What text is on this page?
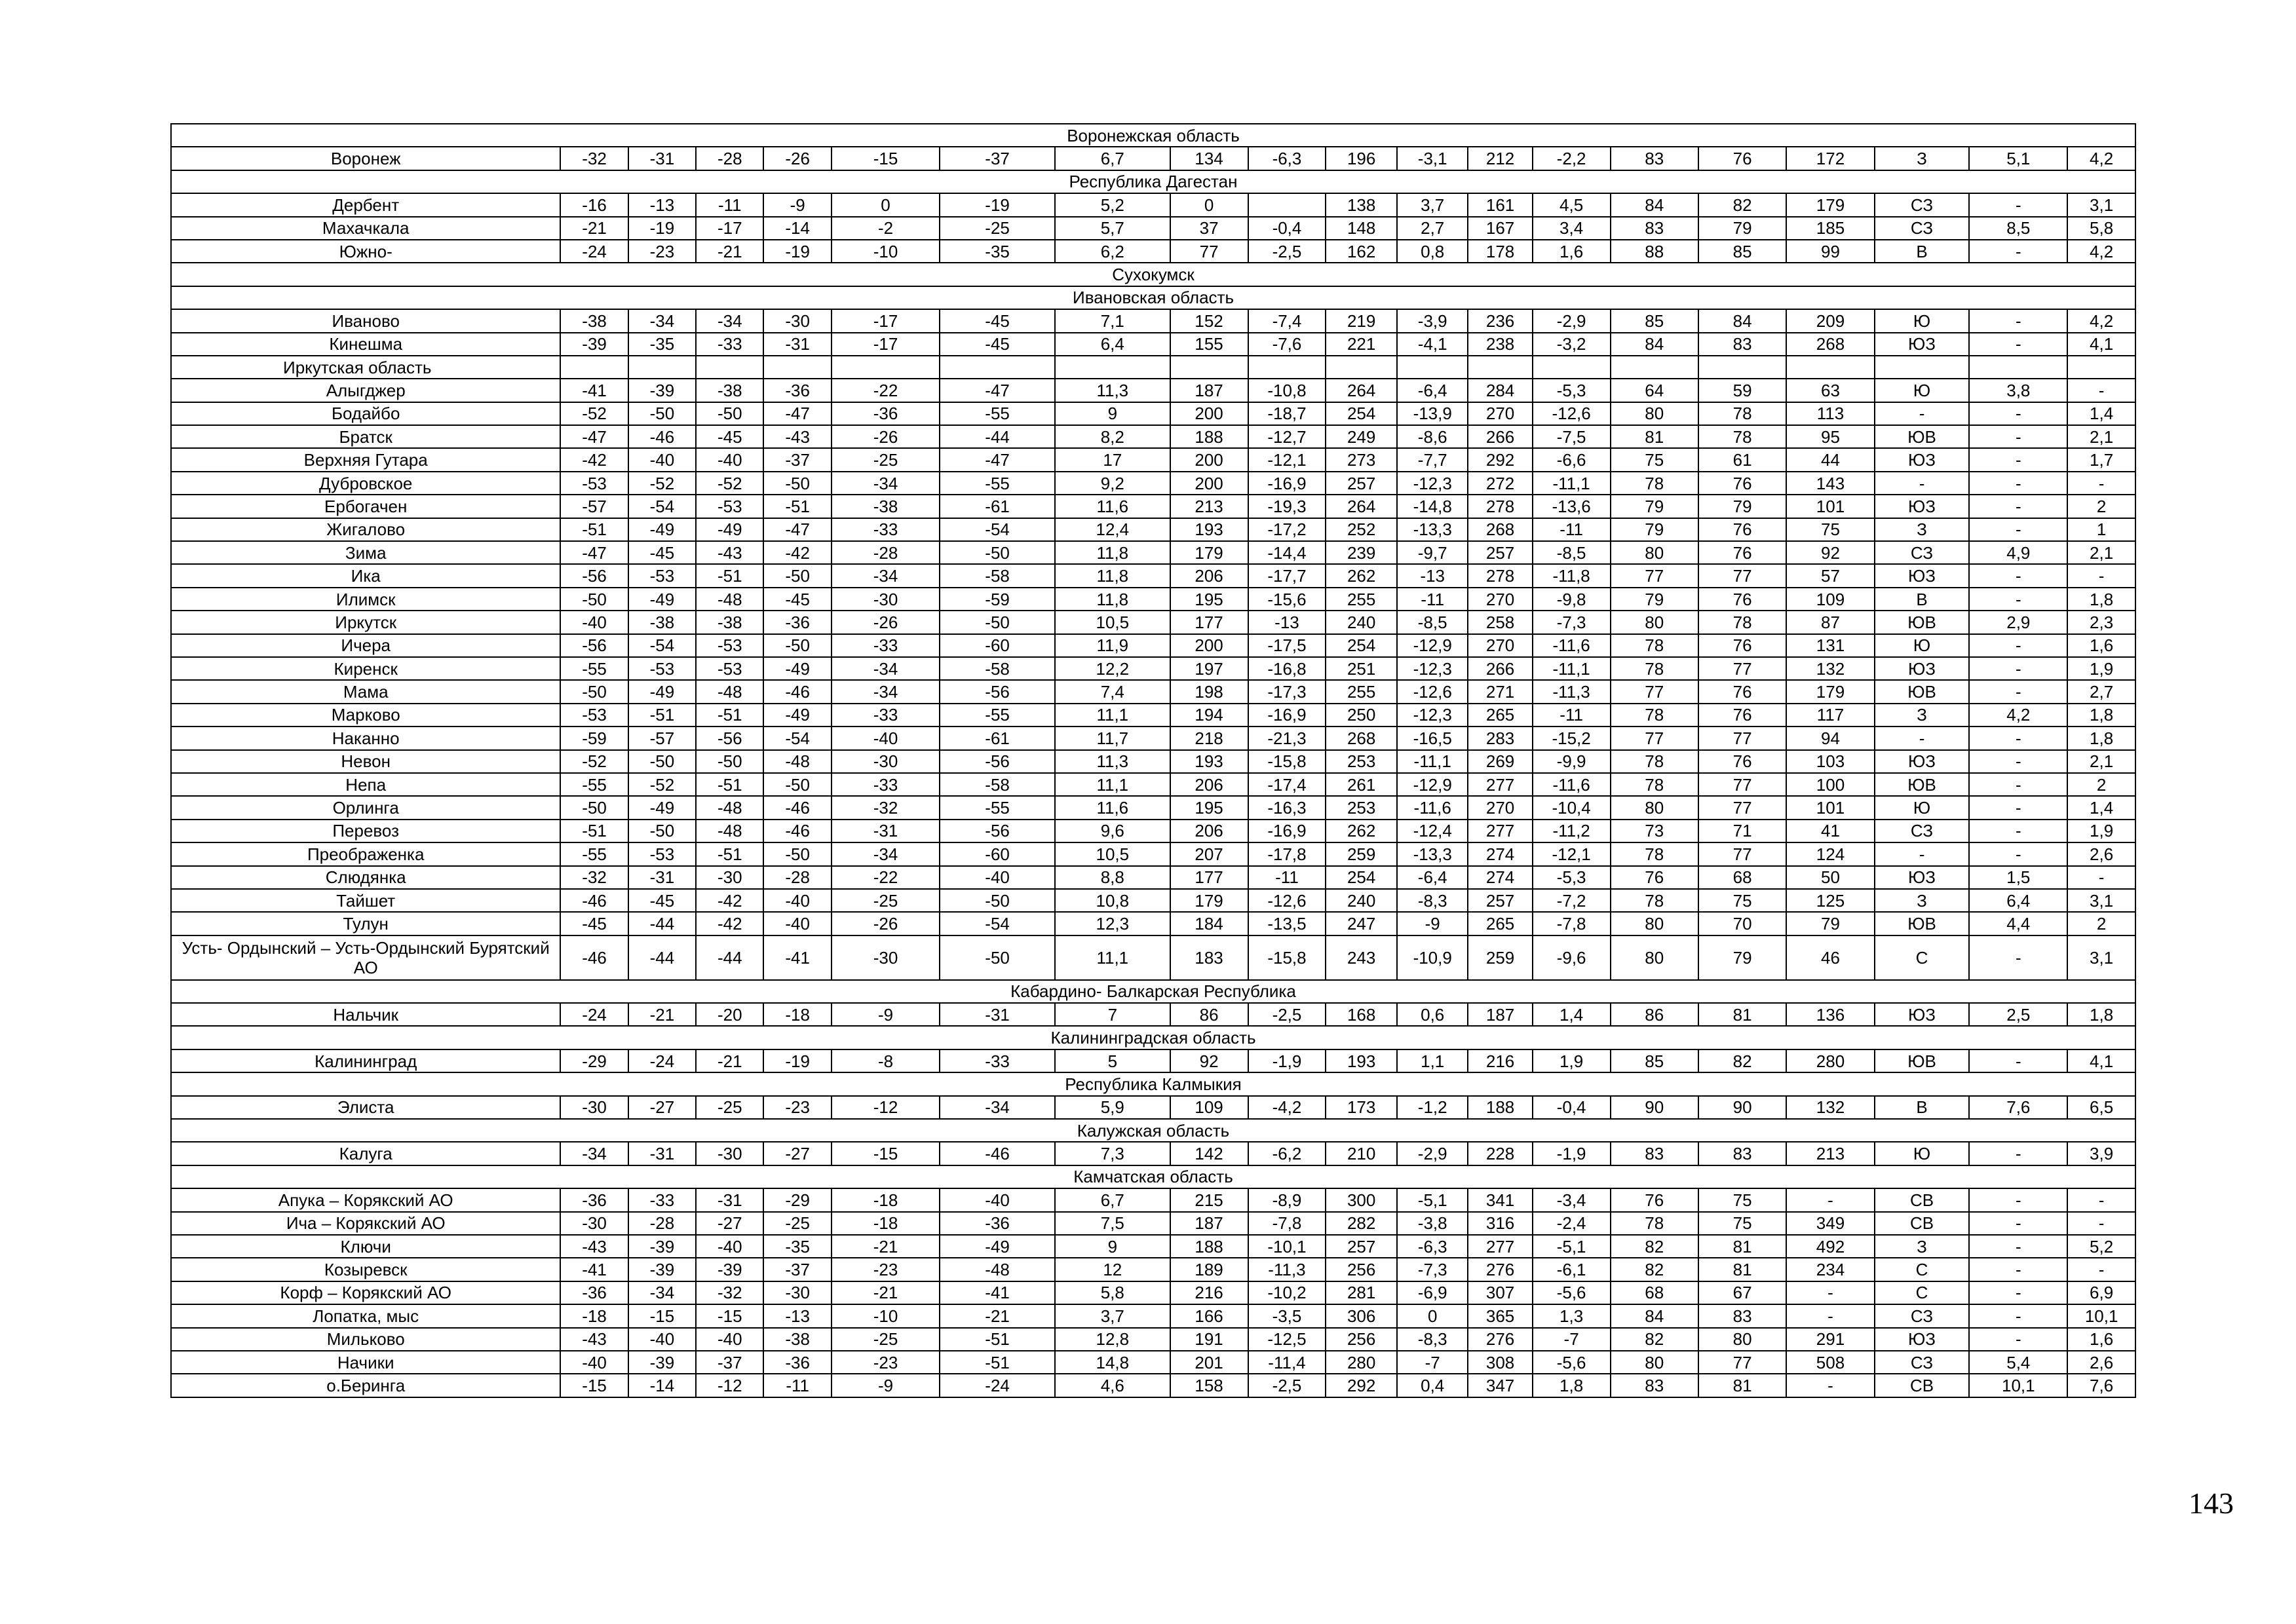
Воронежская область																			
Воронеж	-32	-31	-28	-26	-15	-37	6,7	134	-6,3	196	-3,1	212	-2,2	83	76	172	З	5,1	4,2
Республика Дагестан																			
Дербент	-16	-13	-11	-9	0	-19	5,2	0		138	3,7	161	4,5	84	82	179	СЗ	-	3,1
Махачкала	-21	-19	-17	-14	-2	-25	5,7	37	-0,4	148	2,7	167	3,4	83	79	185	СЗ	8,5	5,8
Южно-	-24	-23	-21	-19	-10	-35	6,2	77	-2,5	162	0,8	178	1,6	88	85	99	В	-	4,2
Сухокумск																			
Ивановская область																			
Иваново	-38	-34	-34	-30	-17	-45	7,1	152	-7,4	219	-3,9	236	-2,9	85	84	209	Ю	-	4,2
Кинешма	-39	-35	-33	-31	-17	-45	6,4	155	-7,6	221	-4,1	238	-3,2	84	83	268	ЮЗ	-	4,1
Иркутская область																			
Алыгджер	-41	-39	-38	-36	-22	-47	11,3	187	-10,8	264	-6,4	284	-5,3	64	59	63	Ю	3,8	-
Бодайбо	-52	-50	-50	-47	-36	-55	9	200	-18,7	254	-13,9	270	-12,6	80	78	113	-	-	1,4
Братск	-47	-46	-45	-43	-26	-44	8,2	188	-12,7	249	-8,6	266	-7,5	81	78	95	ЮВ	-	2,1
Верхняя Гутара	-42	-40	-40	-37	-25	-47	17	200	-12,1	273	-7,7	292	-6,6	75	61	44	ЮЗ	-	1,7
Дубровское	-53	-52	-52	-50	-34	-55	9,2	200	-16,9	257	-12,3	272	-11,1	78	76	143	-	-	-
Ербогачен	-57	-54	-53	-51	-38	-61	11,6	213	-19,3	264	-14,8	278	-13,6	79	79	101	ЮЗ	-	2
Жигалово	-51	-49	-49	-47	-33	-54	12,4	193	-17,2	252	-13,3	268	-11	79	76	75	З	-	1
Зима	-47	-45	-43	-42	-28	-50	11,8	179	-14,4	239	-9,7	257	-8,5	80	76	92	СЗ	4,9	2,1
Ика	-56	-53	-51	-50	-34	-58	11,8	206	-17,7	262	-13	278	-11,8	77	77	57	ЮЗ	-	-
Илимск	-50	-49	-48	-45	-30	-59	11,8	195	-15,6	255	-11	270	-9,8	79	76	109	В	-	1,8
Иркутск	-40	-38	-38	-36	-26	-50	10,5	177	-13	240	-8,5	258	-7,3	80	78	87	ЮВ	2,9	2,3
Ичера	-56	-54	-53	-50	-33	-60	11,9	200	-17,5	254	-12,9	270	-11,6	78	76	131	Ю	-	1,6
Киренск	-55	-53	-53	-49	-34	-58	12,2	197	-16,8	251	-12,3	266	-11,1	78	77	132	ЮЗ	-	1,9
Мама	-50	-49	-48	-46	-34	-56	7,4	198	-17,3	255	-12,6	271	-11,3	77	76	179	ЮВ	-	2,7
Марково	-53	-51	-51	-49	-33	-55	11,1	194	-16,9	250	-12,3	265	-11	78	76	117	З	4,2	1,8
Наканно	-59	-57	-56	-54	-40	-61	11,7	218	-21,3	268	-16,5	283	-15,2	77	77	94	-	-	1,8
Невон	-52	-50	-50	-48	-30	-56	11,3	193	-15,8	253	-11,1	269	-9,9	78	76	103	ЮЗ	-	2,1
Непа	-55	-52	-51	-50	-33	-58	11,1	206	-17,4	261	-12,9	277	-11,6	78	77	100	ЮВ	-	2
Орлинга	-50	-49	-48	-46	-32	-55	11,6	195	-16,3	253	-11,6	270	-10,4	80	77	101	Ю	-	1,4
Перевоз	-51	-50	-48	-46	-31	-56	9,6	206	-16,9	262	-12,4	277	-11,2	73	71	41	СЗ	-	1,9
Преображенка	-55	-53	-51	-50	-34	-60	10,5	207	-17,8	259	-13,3	274	-12,1	78	77	124	-	-	2,6
Слюдянка	-32	-31	-30	-28	-22	-40	8,8	177	-11	254	-6,4	274	-5,3	76	68	50	ЮЗ	1,5	-
Тайшет	-46	-45	-42	-40	-25	-50	10,8	179	-12,6	240	-8,3	257	-7,2	78	75	125	З	6,4	3,1
Тулун	-45	-44	-42	-40	-26	-54	12,3	184	-13,5	247	-9	265	-7,8	80	70	79	ЮВ	4,4	2
Усть- Ордынский – Усть-Ордынский Бурятский АО	-46	-44	-44	-41	-30	-50	11,1	183	-15,8	243	-10,9	259	-9,6	80	79	46	С	-	3,1
Кабардино- Балкарская Республика																			
Нальчик	-24	-21	-20	-18	-9	-31	7	86	-2,5	168	0,6	187	1,4	86	81	136	ЮЗ	2,5	1,8
Калининградская область																			
Калининград	-29	-24	-21	-19	-8	-33	5	92	-1,9	193	1,1	216	1,9	85	82	280	ЮВ	-	4,1
Республика Калмыкия																			
Элиста	-30	-27	-25	-23	-12	-34	5,9	109	-4,2	173	-1,2	188	-0,4	90	90	132	В	7,6	6,5
Калужская область																			
Калуга	-34	-31	-30	-27	-15	-46	7,3	142	-6,2	210	-2,9	228	-1,9	83	83	213	Ю	-	3,9
Камчатская область																			
Апука – Корякский АО	-36	-33	-31	-29	-18	-40	6,7	215	-8,9	300	-5,1	341	-3,4	76	75	-	СВ	-	-
Ича – Корякский АО	-30	-28	-27	-25	-18	-36	7,5	187	-7,8	282	-3,8	316	-2,4	78	75	349	СВ	-	-
Ключи	-43	-39	-40	-35	-21	-49	9	188	-10,1	257	-6,3	277	-5,1	82	81	492	З	-	5,2
Козыревск	-41	-39	-39	-37	-23	-48	12	189	-11,3	256	-7,3	276	-6,1	82	81	234	С	-	-
Корф – Корякский АО	-36	-34	-32	-30	-21	-41	5,8	216	-10,2	281	-6,9	307	-5,6	68	67	-	С	-	6,9
Лопатка, мыс	-18	-15	-15	-13	-10	-21	3,7	166	-3,5	306	0	365	1,3	84	83	-	СЗ	-	10,1
Мильково	-43	-40	-40	-38	-25	-51	12,8	191	-12,5	256	-8,3	276	-7	82	80	291	ЮЗ	-	1,6
Начики	-40	-39	-37	-36	-23	-51	14,8	201	-11,4	280	-7	308	-5,6	80	77	508	СЗ	5,4	2,6
о.Беринга	-15	-14	-12	-11	-9	-24	4,6	158	-2,5	292	0,4	347	1,8	83	81	-	СВ	10,1	7,6
143
